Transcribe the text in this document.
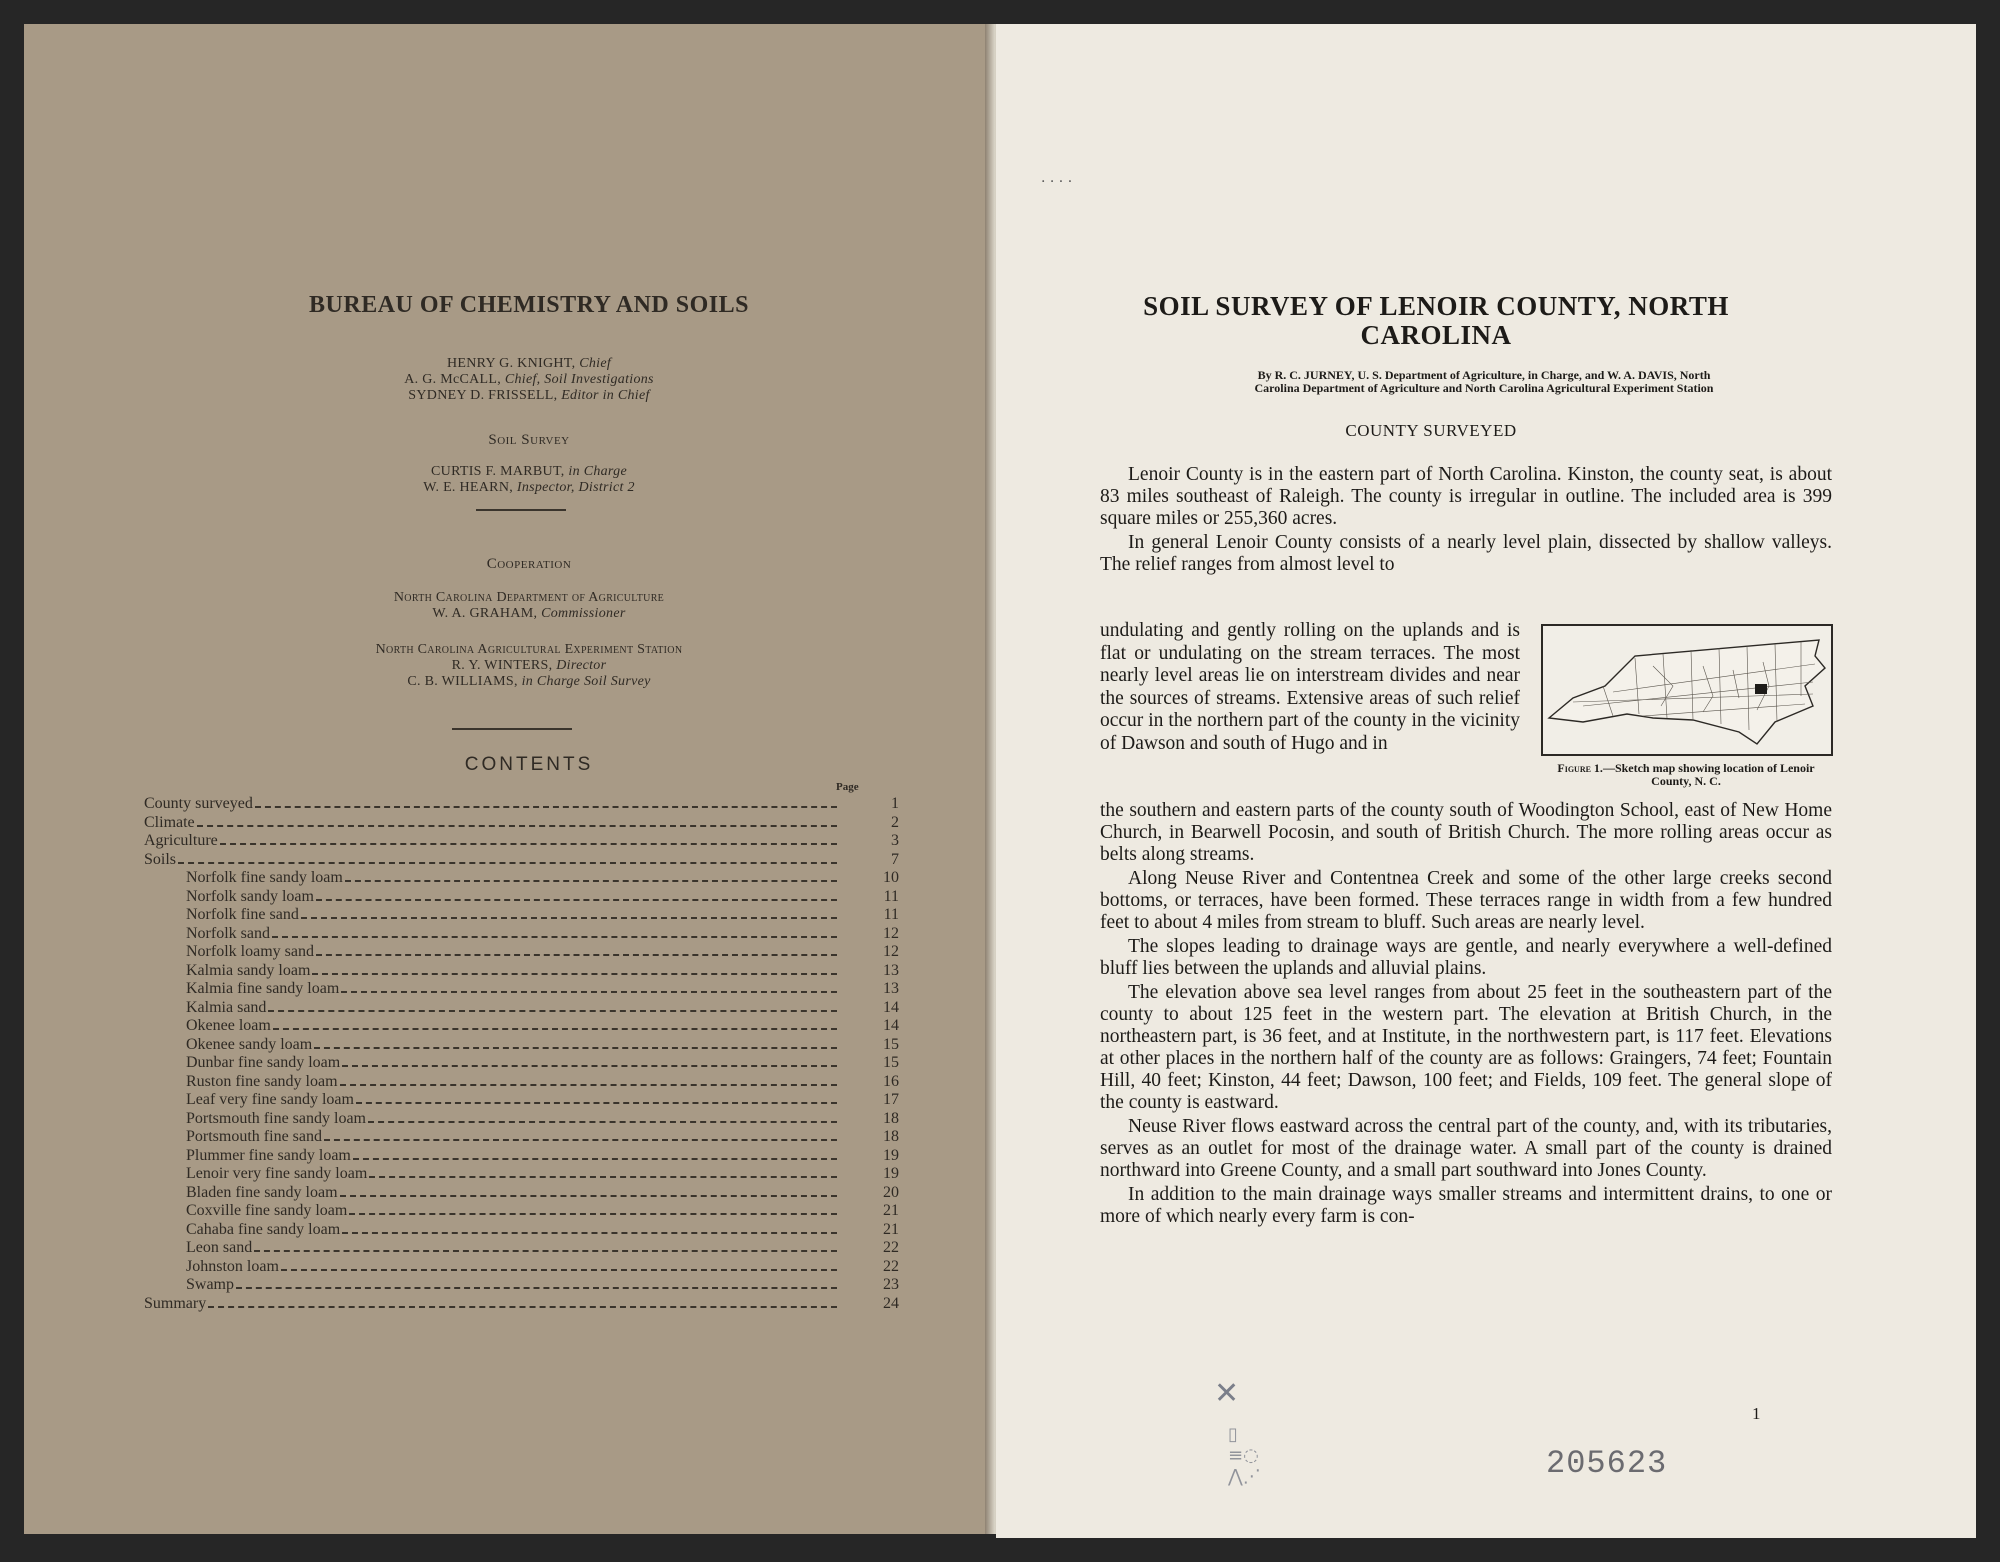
BUREAU OF CHEMISTRY AND SOILS
HENRY G. KNIGHT, Chief
A. G. McCALL, Chief, Soil Investigations
SYDNEY D. FRISSELL, Editor in Chief
Soil Survey
CURTIS F. MARBUT, in Charge
W. E. HEARN, Inspector, District 2
Cooperation
North Carolina Department of Agriculture
W. A. GRAHAM, Commissioner
North Carolina Agricultural Experiment Station
R. Y. WINTERS, Director
C. B. WILLIAMS, in Charge Soil Survey
CONTENTS
Page
County surveyed	1
Climate	2
Agriculture	3
Soils	7
Norfolk fine sandy loam	10
Norfolk sandy loam	11
Norfolk fine sand	11
Norfolk sand	12
Norfolk loamy sand	12
Kalmia sandy loam	13
Kalmia fine sandy loam	13
Kalmia sand	14
Okenee loam	14
Okenee sandy loam	15
Dunbar fine sandy loam	15
Ruston fine sandy loam	16
Leaf very fine sandy loam	17
Portsmouth fine sandy loam	18
Portsmouth fine sand	18
Plummer fine sandy loam	19
Lenoir very fine sandy loam	19
Bladen fine sandy loam	20
Coxville fine sandy loam	21
Cahaba fine sandy loam	21
Leon sand	22
Johnston loam	22
Swamp	23
Summary	24
· · · ·
SOIL SURVEY OF LENOIR COUNTY, NORTH
CAROLINA
By R. C. JURNEY, U. S. Department of Agriculture, in Charge, and W. A. DAVIS, North
Carolina Department of Agriculture and North Carolina Agricultural Experiment Station
COUNTY SURVEYED

Lenoir County is in the eastern part of North Carolina. Kinston, the county seat, is about 83 miles southeast of Raleigh. The county is irregular in outline. The included area is 399 square miles or 255,360 acres.

In general Lenoir County consists of a nearly level plain, dissected by shallow valleys. The relief ranges from almost level to

undulating and gently rolling on the uplands and is flat or undulating on the stream terraces. The most nearly level areas lie on interstream divides and near the sources of streams. Extensive areas of such relief occur in the northern part of the county in the vicinity of Dawson and south of Hugo and in

Figure 1.—Sketch map showing location of Lenoir County, N. C.

the southern and eastern parts of the county south of Woodington School, east of New Home Church, in Bearwell Pocosin, and south of British Church. The more rolling areas occur as belts along streams.

Along Neuse River and Contentnea Creek and some of the other large creeks second bottoms, or terraces, have been formed. These terraces range in width from a few hundred feet to about 4 miles from stream to bluff. Such areas are nearly level.

The slopes leading to drainage ways are gentle, and nearly everywhere a well-defined bluff lies between the uplands and alluvial plains.

The elevation above sea level ranges from about 25 feet in the southeastern part of the county to about 125 feet in the western part. The elevation at British Church, in the northeastern part, is 36 feet, and at Institute, in the northwestern part, is 117 feet. Elevations at other places in the northern half of the county are as follows: Graingers, 74 feet; Fountain Hill, 40 feet; Kinston, 44 feet; Dawson, 100 feet; and Fields, 109 feet. The general slope of the county is eastward.

Neuse River flows eastward across the central part of the county, and, with its tributaries, serves as an outlet for most of the drainage water. A small part of the county is drained northward into Greene County, and a small part southward into Jones County.

In addition to the main drainage ways smaller streams and intermittent drains, to one or more of which nearly every farm is con-

1
✕
▯
≡◌
⋀⋰	205623
